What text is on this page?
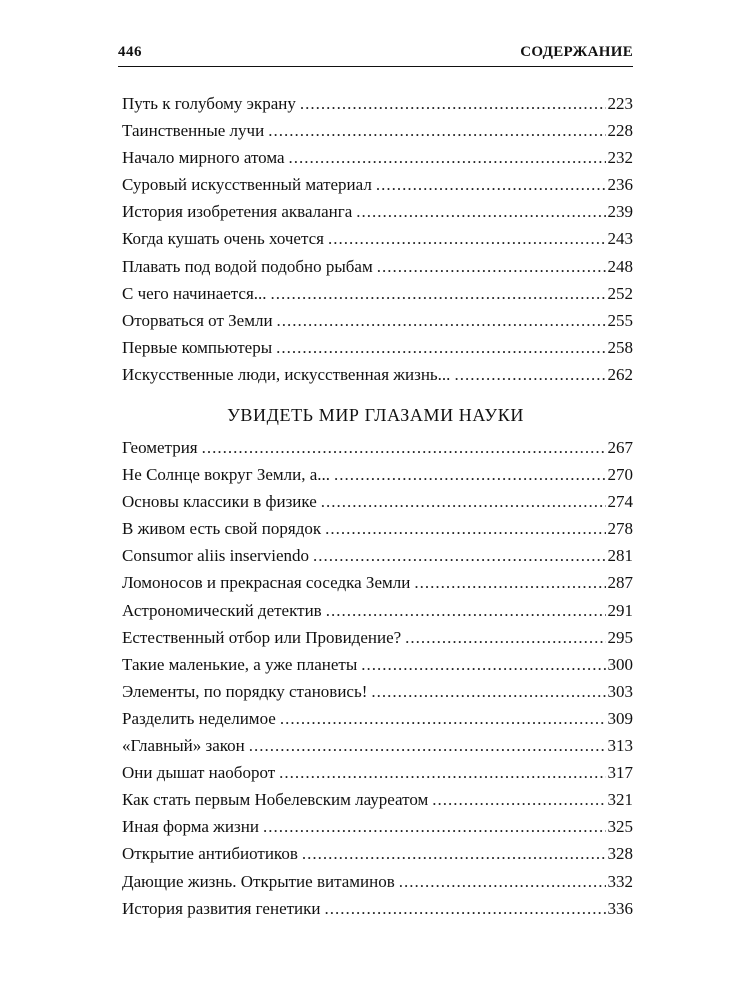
446	СОДЕРЖАНИЕ
Путь к голубому экрану .....	223
Таинственные лучи .....	228
Начало мирного атома .....	232
Суровый искусственный материал .....	236
История изобретения акваланга .....	239
Когда кушать очень хочется .....	243
Плавать под водой подобно рыбам .....	248
С чего начинается... .....	252
Оторваться от Земли .....	255
Первые компьютеры .....	258
Искусственные люди, искусственная жизнь... .....	262
УВИДЕТЬ МИР ГЛАЗАМИ НАУКИ
Геометрия .....	267
Не Солнце вокруг Земли, а... .....	270
Основы классики в физике .....	274
В живом есть свой порядок .....	278
Consumor aliis inserviendo .....	281
Ломоносов и прекрасная соседка Земли .....	287
Астрономический детектив .....	291
Естественный отбор или Провидение? .....	295
Такие маленькие, а уже планеты .....	300
Элементы, по порядку становись! .....	303
Разделить неделимое .....	309
«Главный» закон .....	313
Они дышат наоборот .....	317
Как стать первым Нобелевским лауреатом .....	321
Иная форма жизни .....	325
Открытие антибиотиков .....	328
Дающие жизнь. Открытие витаминов .....	332
История развития генетики .....	336
